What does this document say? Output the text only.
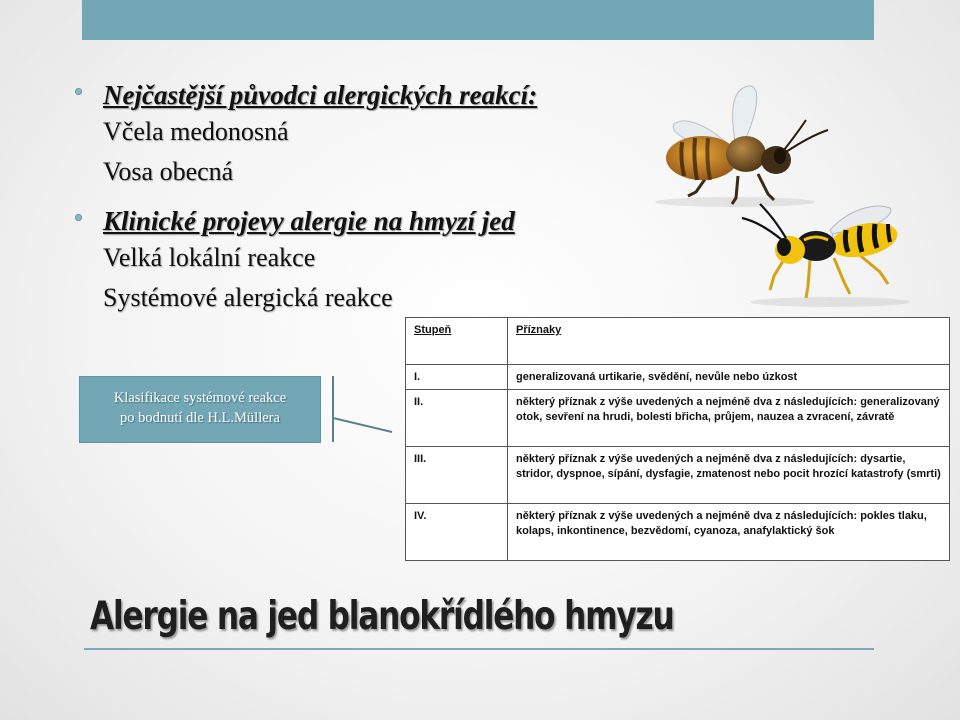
Nejčastější původci alergických reakcí:
Včela medonosná
Vosa obecná
Klinické projevy alergie na hmyzí jed
Velká lokální reakce
Systémové alergická reakce
Klasifikace systémové reakce
po bodnutí dle H.L.Müllera
Stupeň	Příznaky
I.	generalizovaná urtikarie, svědění, nevůle nebo úzkost
II.	některý příznak z výše uvedených a nejméně dva z následujících: generalizovaný otok, sevření na hrudi, bolesti břicha, průjem, nauzea a zvracení, závratě
III.	některý příznak z výše uvedených a nejméně dva z následujících: dysartie, stridor, dyspnoe, sípání, dysfagie, zmatenost nebo pocit hrozící katastrofy (smrti)
IV.	některý příznak z výše uvedených a nejméně dva z následujících: pokles tlaku, kolaps, inkontinence, bezvědomí, cyanoza, anafylaktický šok
Alergie na jed blanokřídlého hmyzu
